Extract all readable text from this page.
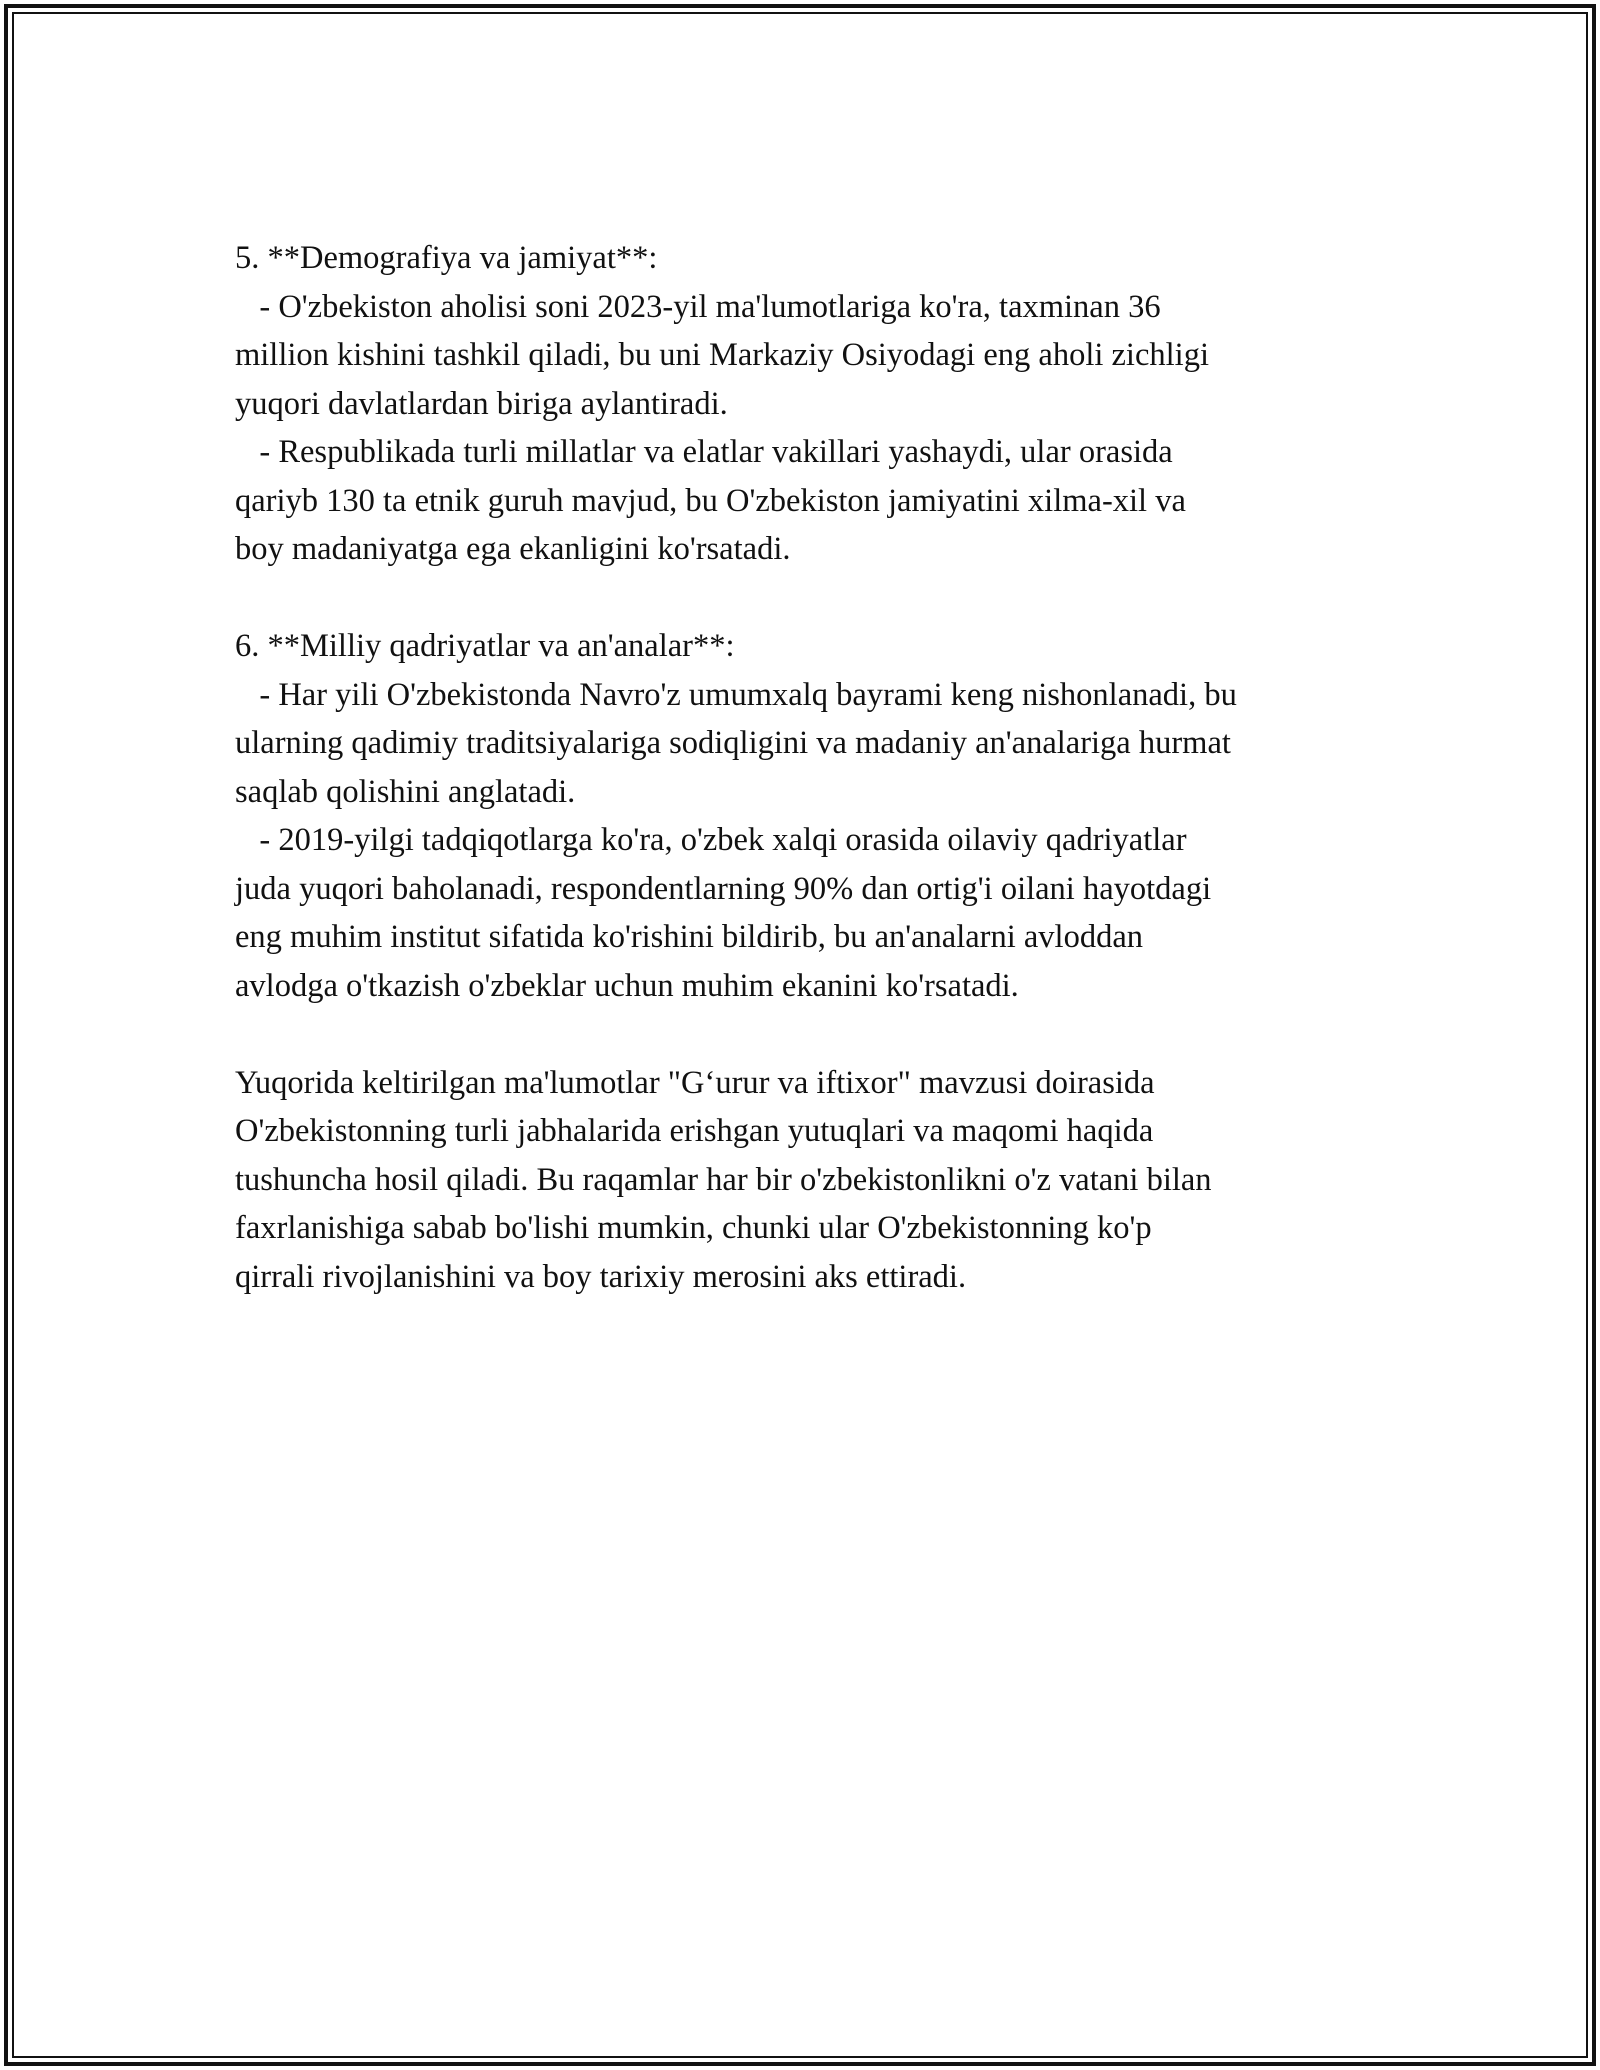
5. **Demografiya va jamiyat**:
- O'zbekiston aholisi soni 2023-yil ma'lumotlariga ko'ra, taxminan 36
million kishini tashkil qiladi, bu uni Markaziy Osiyodagi eng aholi zichligi
yuqori davlatlardan biriga aylantiradi.
- Respublikada turli millatlar va elatlar vakillari yashaydi, ular orasida
qariyb 130 ta etnik guruh mavjud, bu O'zbekiston jamiyatini xilma-xil va
boy madaniyatga ega ekanligini ko'rsatadi.
6. **Milliy qadriyatlar va an'analar**:
- Har yili O'zbekistonda Navro'z umumxalq bayrami keng nishonlanadi, bu
ularning qadimiy traditsiyalariga sodiqligini va madaniy an'analariga hurmat
saqlab qolishini anglatadi.
- 2019-yilgi tadqiqotlarga ko'ra, o'zbek xalqi orasida oilaviy qadriyatlar
juda yuqori baholanadi, respondentlarning 90% dan ortig'i oilani hayotdagi
eng muhim institut sifatida ko'rishini bildirib, bu an'analarni avloddan
avlodga o'tkazish o'zbeklar uchun muhim ekanini ko'rsatadi.
Yuqorida keltirilgan ma'lumotlar "G‘urur va iftixor" mavzusi doirasida
O'zbekistonning turli jabhalarida erishgan yutuqlari va maqomi haqida
tushuncha hosil qiladi. Bu raqamlar har bir o'zbekistonlikni o'z vatani bilan
faxrlanishiga sabab bo'lishi mumkin, chunki ular O'zbekistonning ko'p
qirrali rivojlanishini va boy tarixiy merosini aks ettiradi.
